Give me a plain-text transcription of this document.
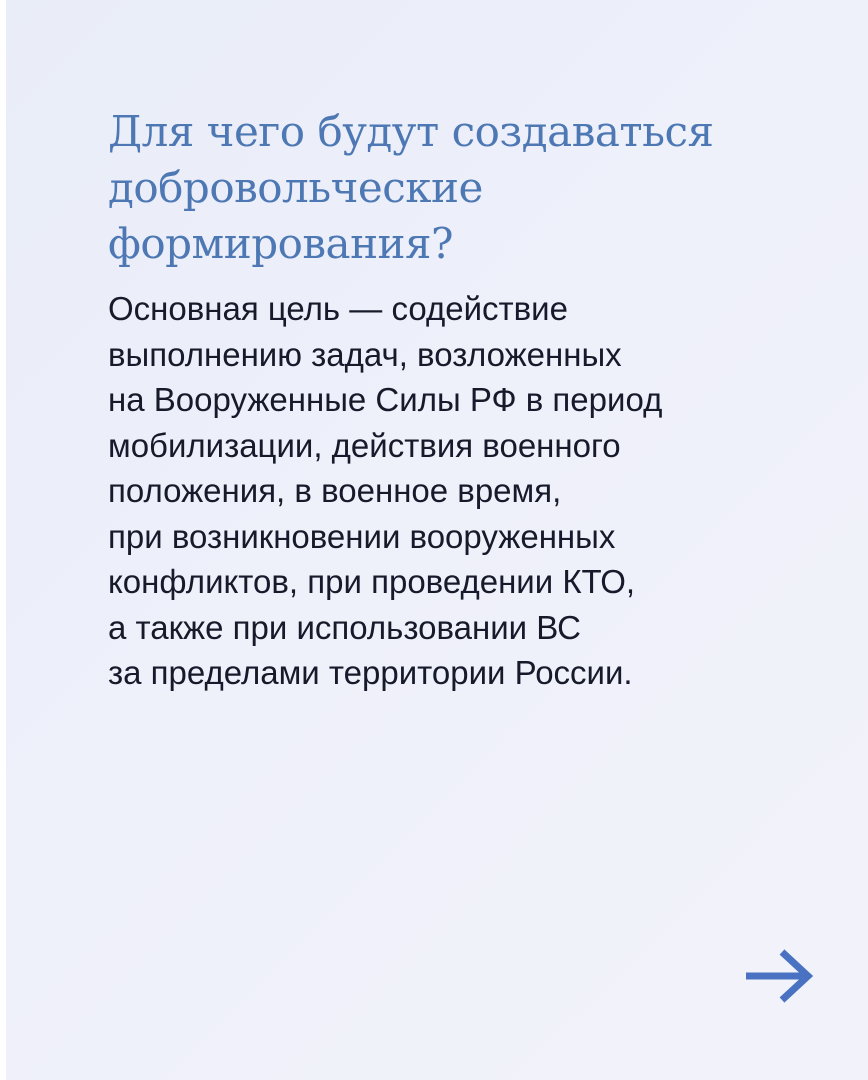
Для чего будут создаваться
добровольческие
формирования?

Основная цель — содействие
выполнению задач, возложенных
на Вооруженные Силы РФ в период
мобилизации, действия военного
положения, в военное время,
при возникновении вооруженных
конфликтов, при проведении КТО,
а также при использовании ВС
за пределами территории России.
